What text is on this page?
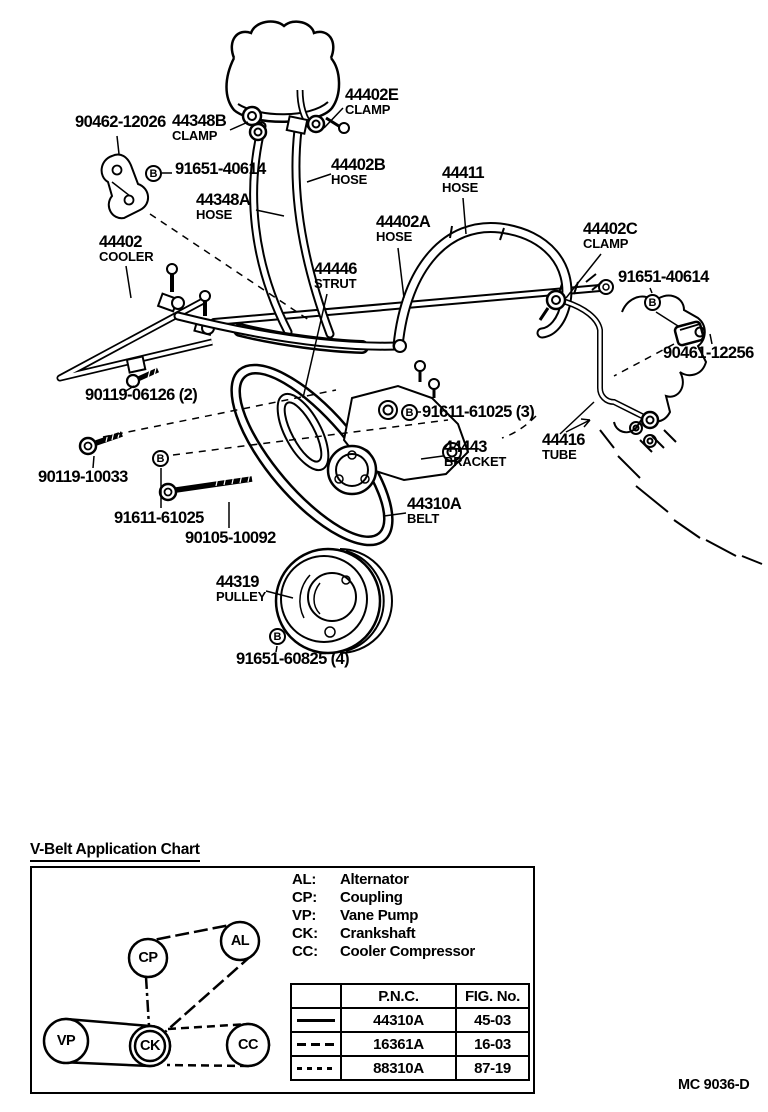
44402E
CLAMP
90462-12026 44348B
CLAMP
B 91651-40614	44402B
HOSE
44348A
HOSE
44411
HOSE
44402A
HOSE	44402C
CLAMP
91651-40614
B
90461-12256
44402
COOLER
44446
STRUT
90119-06126 (2)
B 91611-61025 (3)
44443
BRACKET
44416
TUBE
90119-10033
B
91611-61025
90105-10092
44310A
BELT
44319
PULLEY
B
91651-60825 (4)
V-Belt Application Chart
AL: Alternator
CP: Coupling
VP: Vane Pump
CK: Crankshaft
CC: Cooler Compressor
CP
AL
VP	CK	CC
	P.N.C.	FIG. No.

	44310A	45-03

	16361A	16-03

	88310A	87-19
MC 9036-D
